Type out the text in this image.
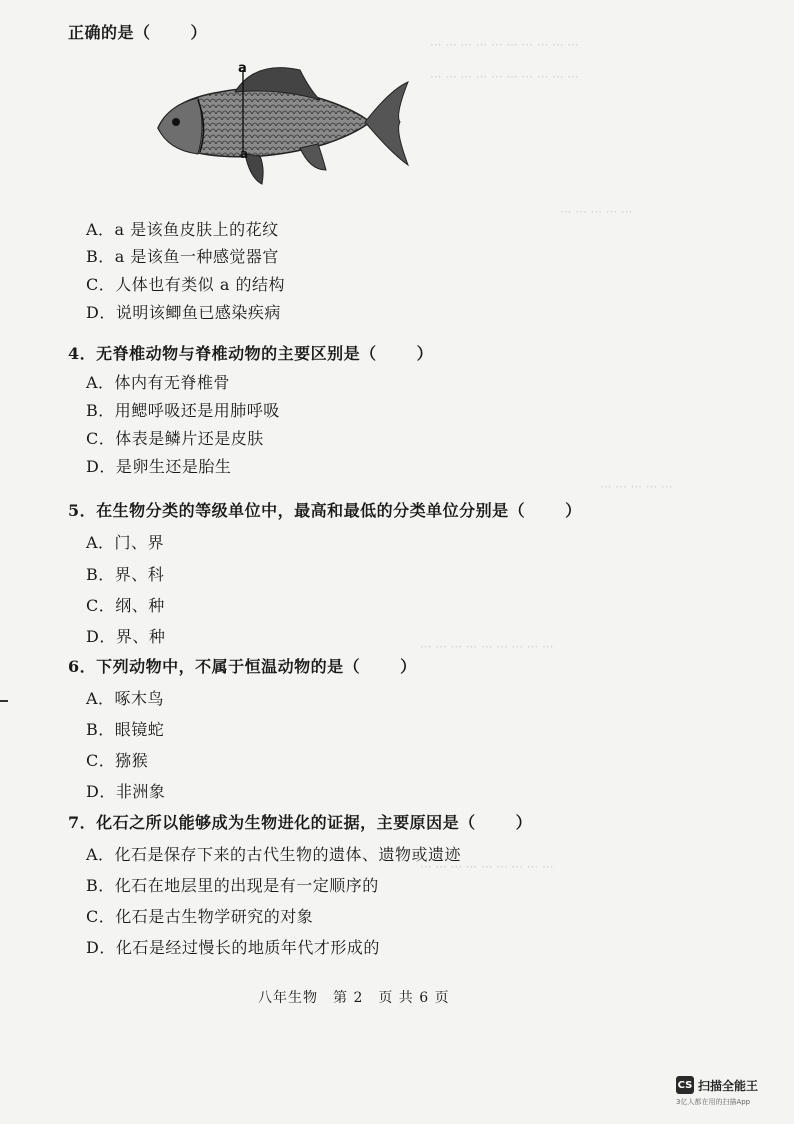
··· ··· ··· ··· ··· ··· ··· ··· ··· ···
··· ··· ··· ··· ··· ··· ··· ··· ··· ···
··· ··· ··· ··· ···
··· ··· ··· ··· ···
··· ··· ··· ··· ··· ··· ··· ··· ···
··· ··· ··· ··· ··· ··· ··· ··· ···
正确的是（	）
a
a
A．a 是该鱼皮肤上的花纹
B．a 是该鱼一种感觉器官
C．人体也有类似 a 的结构
D．说明该鲫鱼已感染疾病
4．无脊椎动物与脊椎动物的主要区别是（	）
A．体内有无脊椎骨
B．用鳃呼吸还是用肺呼吸
C．体表是鳞片还是皮肤
D．是卵生还是胎生
5．在生物分类的等级单位中，最高和最低的分类单位分别是（	）
A．门、界
B．界、科
C．纲、种
D．界、种
6．下列动物中，不属于恒温动物的是（	）
A．啄木鸟
B．眼镜蛇
C．猕猴
D．非洲象
7．化石之所以能够成为生物进化的证据，主要原因是（	）
A．化石是保存下来的古代生物的遗体、遗物或遗迹
B．化石在地层里的出现是有一定顺序的
C．化石是古生物学研究的对象
D．化石是经过慢长的地质年代才形成的
八年生物　第 2　页 共 6 页
CS 扫描全能王
3亿人都在用的扫描App
